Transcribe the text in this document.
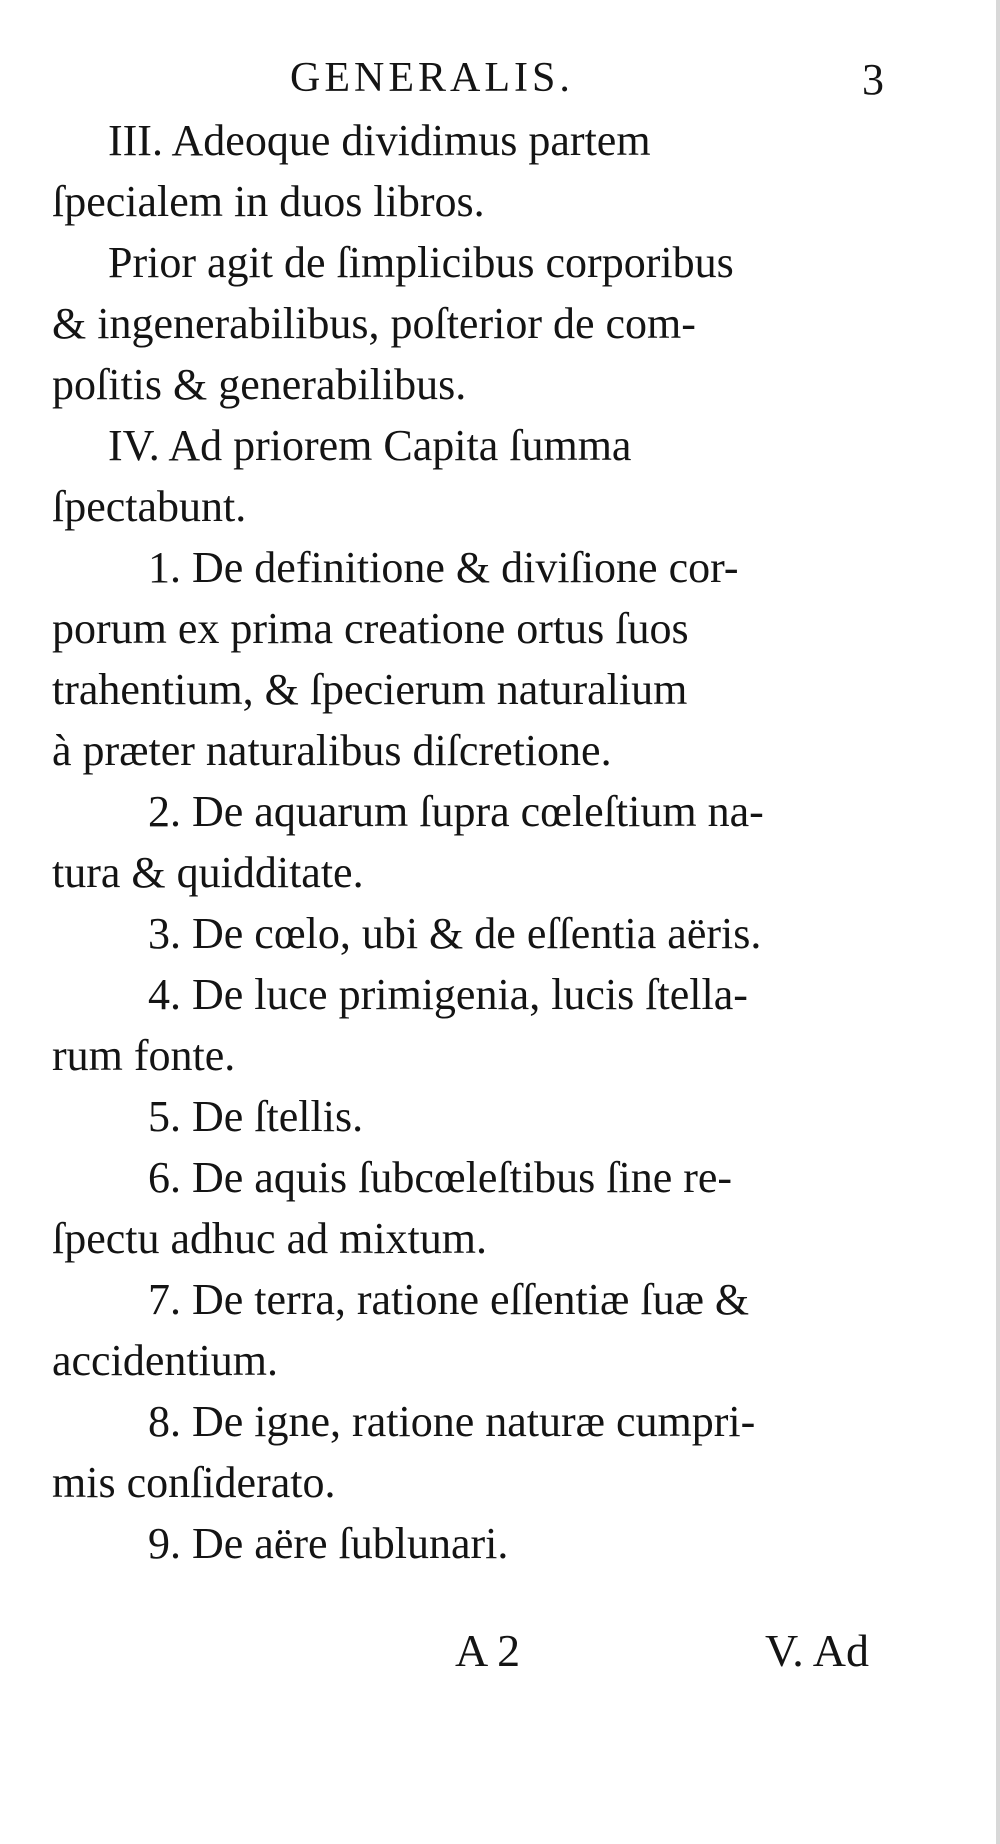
GENERALIS.	3
III. Adeoque dividimus partem
ſpecialem in duos libros.
Prior agit de ſimplicibus corporibus
& ingenerabilibus, poſterior de com-
poſitis & generabilibus.
IV. Ad priorem Capita ſumma
ſpectabunt.
1. De definitione & diviſione cor-
porum ex prima creatione ortus ſuos
trahentium, & ſpecierum naturalium
à præter naturalibus diſcretione.
2. De aquarum ſupra cœleſtium na-
tura & quidditate.
3. De cœlo, ubi & de eſſentia aëris.
4. De luce primigenia, lucis ſtella-
rum fonte.
5. De ſtellis.
6. De aquis ſubcœleſtibus ſine re-
ſpectu adhuc ad mixtum.
7. De terra, ratione eſſentiæ ſuæ &
accidentium.
8. De igne, ratione naturæ cumpri-
mis conſiderato.
9. De aëre ſublunari.
A 2	V. Ad
